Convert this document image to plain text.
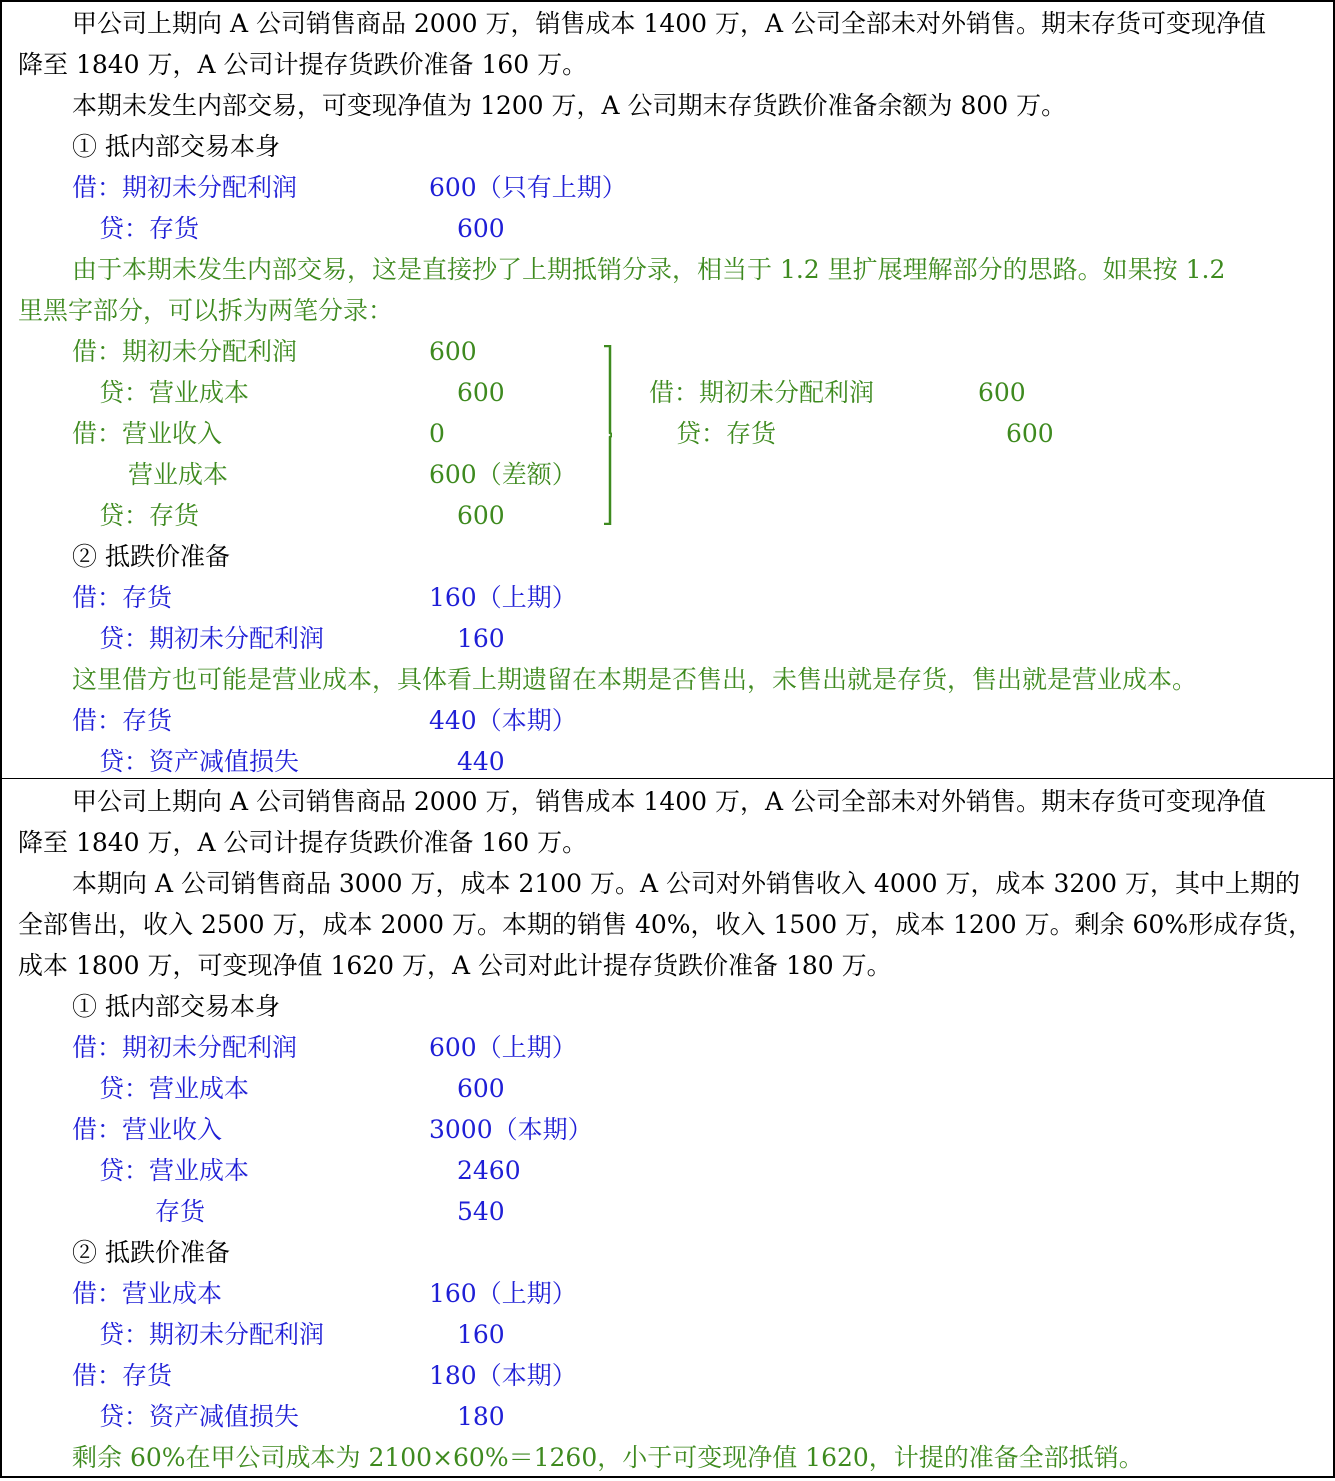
甲公司上期向 A 公司销售商品 2000 万，销售成本 1400 万，A 公司全部未对外销售。期末存货可变现净值
降至 1840 万，A 公司计提存货跌价准备 160 万。
本期未发生内部交易，可变现净值为 1200 万，A 公司期末存货跌价准备余额为 800 万。
① 抵内部交易本身
借：期初未分配利润	600（只有上期）
贷：存货	600
由于本期未发生内部交易，这是直接抄了上期抵销分录，相当于 1.2 里扩展理解部分的思路。如果按 1.2
里黑字部分，可以拆为两笔分录：
借：期初未分配利润	600
贷：营业成本	600
借：营业收入	0
营业成本	600（差额）
贷：存货	600
借：期初未分配利润	600
贷：存货	600
② 抵跌价准备
借：存货	160（上期）
贷：期初未分配利润	160
这里借方也可能是营业成本，具体看上期遗留在本期是否售出，未售出就是存货，售出就是营业成本。
借：存货	440（本期）
贷：资产减值损失	440
甲公司上期向 A 公司销售商品 2000 万，销售成本 1400 万，A 公司全部未对外销售。期末存货可变现净值
降至 1840 万，A 公司计提存货跌价准备 160 万。
本期向 A 公司销售商品 3000 万，成本 2100 万。A 公司对外销售收入 4000 万，成本 3200 万，其中上期的
全部售出，收入 2500 万，成本 2000 万。本期的销售 40%，收入 1500 万，成本 1200 万。剩余 60%形成存货，
成本 1800 万，可变现净值 1620 万，A 公司对此计提存货跌价准备 180 万。
① 抵内部交易本身
借：期初未分配利润	600（上期）
贷：营业成本	600
借：营业收入	3000（本期）
贷：营业成本	2460
存货	540
② 抵跌价准备
借：营业成本	160（上期）
贷：期初未分配利润	160
借：存货	180（本期）
贷：资产减值损失	180
剩余 60%在甲公司成本为 2100×60%＝1260，小于可变现净值 1620，计提的准备全部抵销。
